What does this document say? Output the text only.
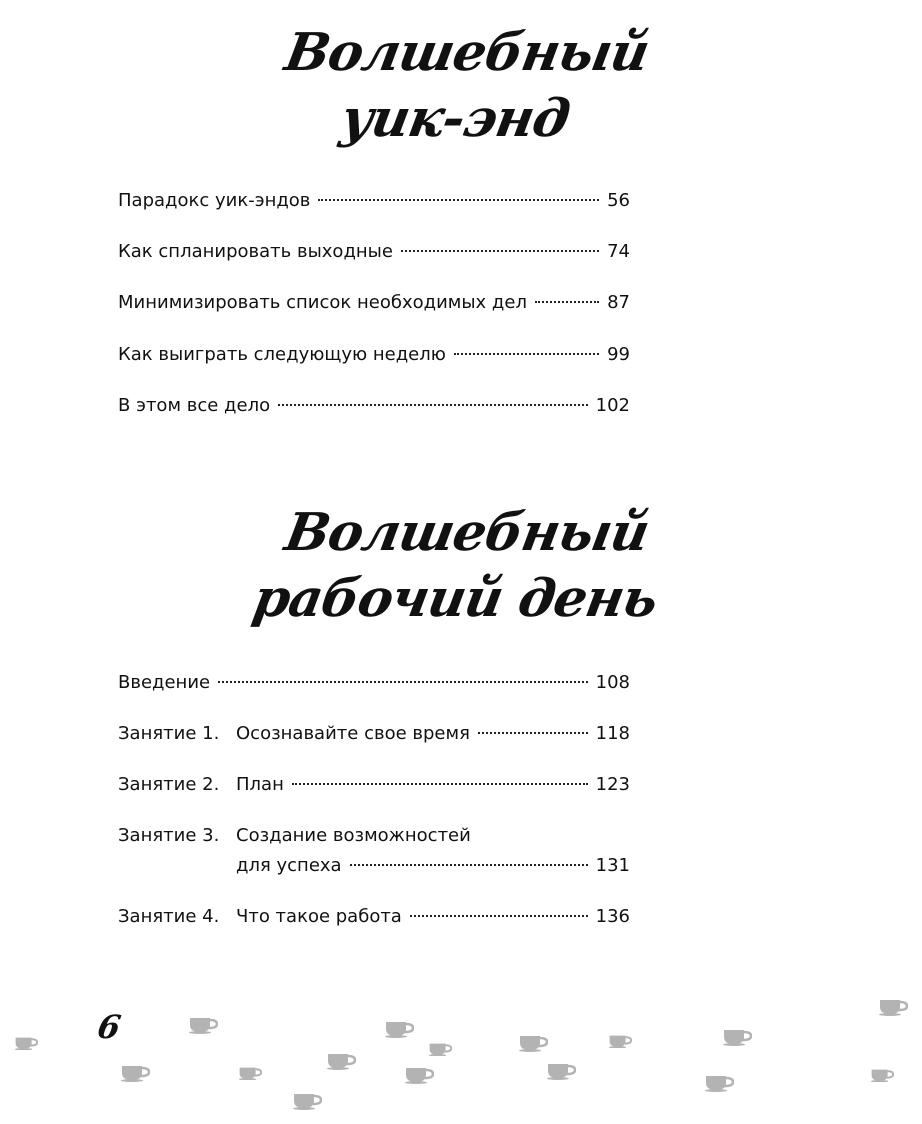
Волшебный
уик-энд
Парадокс уик-эндов	56
Как спланировать выходные	74
Минимизировать список необходимых дел	87
Как выиграть следующую неделю	99
В этом все дело	102
Волшебный
рабочий день
Введение	108
Занятие 1. Осознавайте свое время	118
Занятие 2. План	123
Занятие 3. Создание возможностей
для успеха	131
Занятие 4. Что такое работа	136
6
